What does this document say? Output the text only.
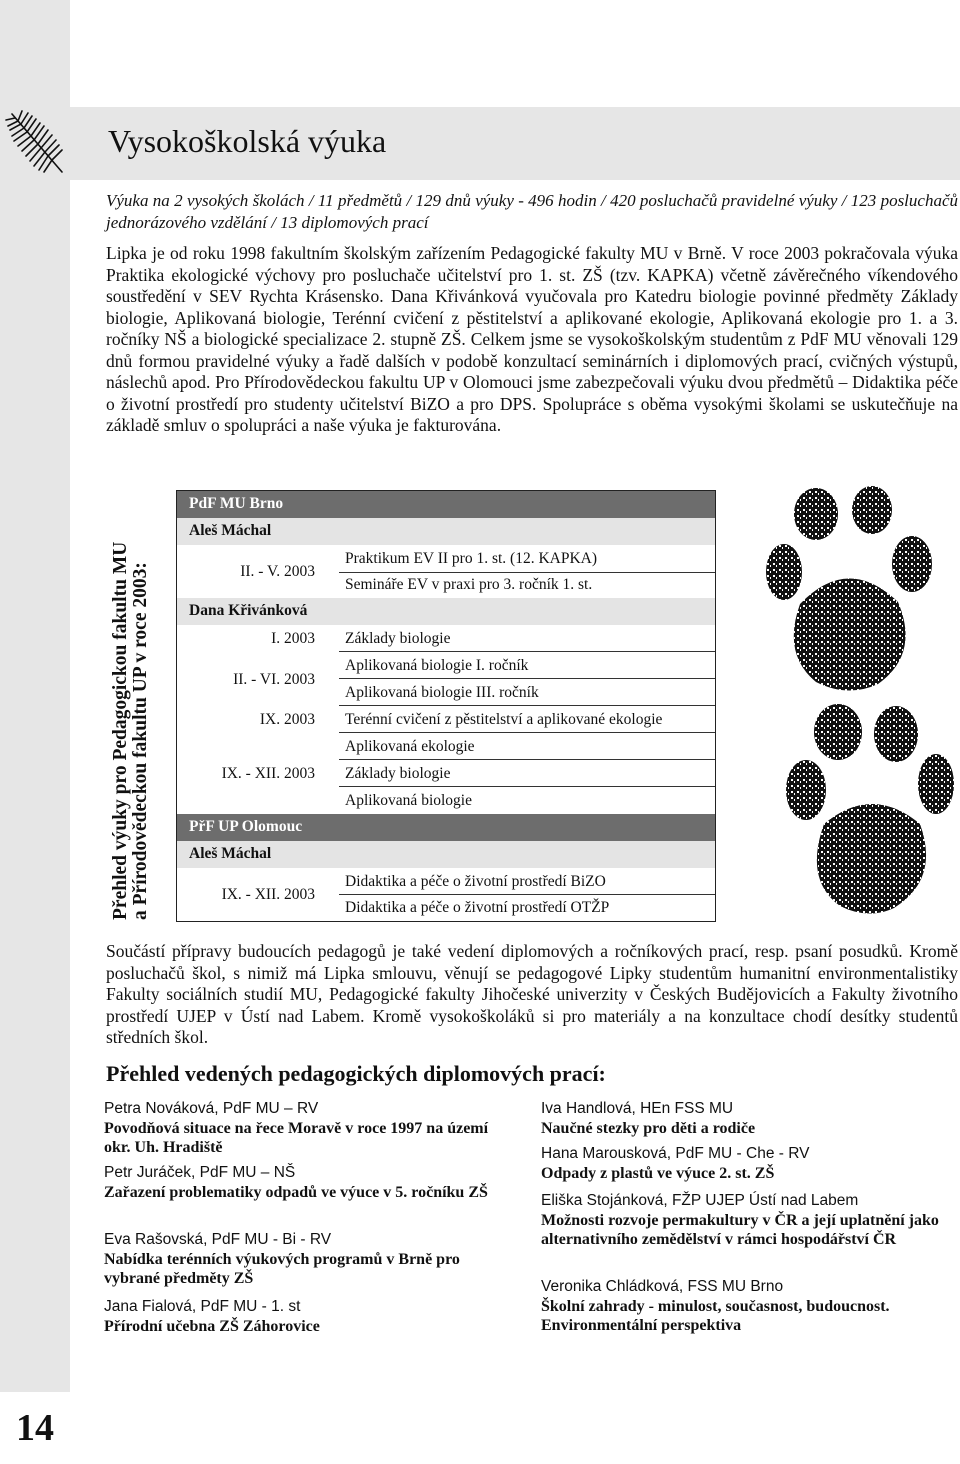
Vysokoškolská výuka

Výuka na 2 vysokých školách / 11 předmětů / 129 dnů výuky - 496 hodin / 420 posluchačů pravidelné výuky / 123 posluchačů jednorázového vzdělání / 13 diplomových prací

Lipka je od roku 1998 fakultním školským zařízením Pedagogické fakulty MU v Brně. V roce 2003 pokračovala výuka Praktika ekologické výchovy pro posluchače učitelství pro 1. st. ZŠ (tzv. KAPKA) včetně závěrečného víkendového soustředění v SEV Rychta Krásensko. Dana Křivánková vyučovala pro Katedru biologie povinné předměty Základy biologie, Aplikovaná biologie, Terénní cvičení z pěstitelství a aplikované ekologie, Aplikovaná ekologie pro 1. a 3. ročníky NŠ a biologické specializace 2. stupně ZŠ. Celkem jsme se vysokoškolským studentům z PdF MU věnovali 129 dnů formou pravidelné výuky a řadě dalších v podobě konzultací seminárních i diplomových prací, cvičných výstupů, náslechů apod. Pro Přírodovědeckou fakultu UP v Olomouci jsme zabezpečovali výuku dvou předmětů – Didaktika péče o životní prostředí pro studenty učitelství BiZO a pro DPS. Spolupráce s oběma vysokými školami se uskutečňuje na základě smluv o spolupráci a naše výuka je fakturována.

Přehled výuky pro Pedagogickou fakultu MU
a Přírodovědeckou fakultu UP v roce 2003:
PdF MU Brno
Aleš Máchal
II. - V. 2003
Praktikum EV II pro 1. st. (12. KAPKA)
Semináře EV v praxi pro 3. ročník 1. st.
Dana Křivánková
I. 2003 Základy biologie
II. - VI. 2003
Aplikovaná biologie I. ročník
Aplikovaná biologie III. ročník
IX. 2003 Terénní cvičení z pěstitelství a aplikované ekologie
IX. - XII. 2003
Aplikovaná ekologie
Základy biologie
Aplikovaná biologie
PřF UP Olomouc
Aleš Máchal
IX. - XII. 2003
Didaktika a péče o životní prostředí BiZO
Didaktika a péče o životní prostředí OTŽP

Součástí přípravy budoucích pedagogů je také vedení diplomových a ročníkových prací, resp. psaní posudků. Kromě posluchačů škol, s nimiž má Lipka smlouvu, věnují se pedagogové Lipky studentům humanitní environmentalistiky Fakulty sociálních studií MU, Pedagogické fakulty Jihočeské univerzity v Českých Budějovicích a Fakulty životního prostředí UJEP v Ústí nad Labem. Kromě vysokoškoláků si pro materiály a na konzultace chodí desítky studentů středních škol.

Přehled vedených pedagogických diplomových prací:
Petra Nováková, PdF MU – RV
Povodňová situace na řece Moravě v roce 1997 na území okr. Uh. Hradiště
Petr Juráček, PdF MU – NŠ
Zařazení problematiky odpadů ve výuce v 5. ročníku ZŠ
Eva Rašovská, PdF MU - Bi - RV
Nabídka terénních výukových programů v Brně pro vybrané předměty ZŠ
Jana Fialová, PdF MU - 1. st
Přírodní učebna ZŠ Záhorovice
Iva Handlová, HEn FSS MU
Naučné stezky pro děti a rodiče
Hana Marousková, PdF MU - Che - RV
Odpady z plastů ve výuce 2. st. ZŠ
Eliška Stojánková, FŽP UJEP Ústí nad Labem
Možnosti rozvoje permakultury v ČR a její uplatnění jako alternativního zemědělství v rámci hospodářství ČR
Veronika Chládková, FSS MU Brno
Školní zahrady - minulost, současnost, budoucnost. Environmentální perspektiva
14
